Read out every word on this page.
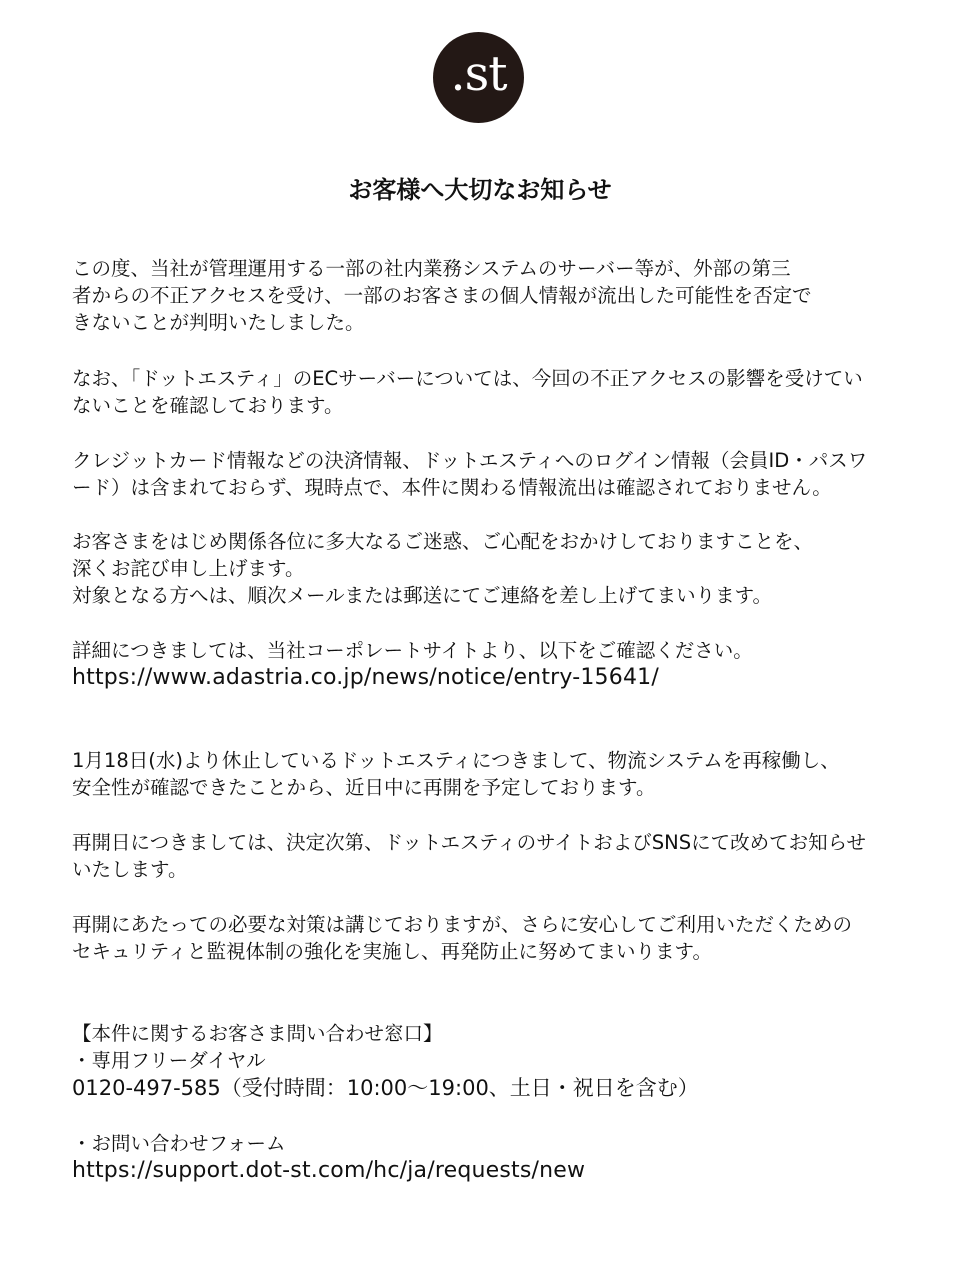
.st
お客様へ大切なお知らせ

この度、当社が管理運用する一部の社内業務システムのサーバー等が、外部の第三
者からの不正アクセスを受け、一部のお客さまの個人情報が流出した可能性を否定で
きないことが判明いたしました。

なお、「ドットエスティ」のECサーバーについては、今回の不正アクセスの影響を受けてい
ないことを確認しております。

クレジットカード情報などの決済情報、ドットエスティへのログイン情報（会員ID・パスワ
ード）は含まれておらず、現時点で、本件に関わる情報流出は確認されておりません。

お客さまをはじめ関係各位に多大なるご迷惑、ご心配をおかけしておりますことを、
深くお詫び申し上げます。
対象となる方へは、順次メールまたは郵送にてご連絡を差し上げてまいります。

詳細につきましては、当社コーポレートサイトより、以下をご確認ください。
https://www.adastria.co.jp/news/notice/entry-15641/

1月18日(水)より休止しているドットエスティにつきまして、物流システムを再稼働し、
安全性が確認できたことから、近日中に再開を予定しております。

再開日につきましては、決定次第、ドットエスティのサイトおよびSNSにて改めてお知らせ
いたします。

再開にあたっての必要な対策は講じておりますが、さらに安心してご利用いただくための
セキュリティと監視体制の強化を実施し、再発防止に努めてまいります。

【本件に関するお客さま問い合わせ窓口】
・専用フリーダイヤル
0120-497-585（受付時間：10:00～19:00、土日・祝日を含む）
・お問い合わせフォーム
https://support.dot-st.com/hc/ja/requests/new
